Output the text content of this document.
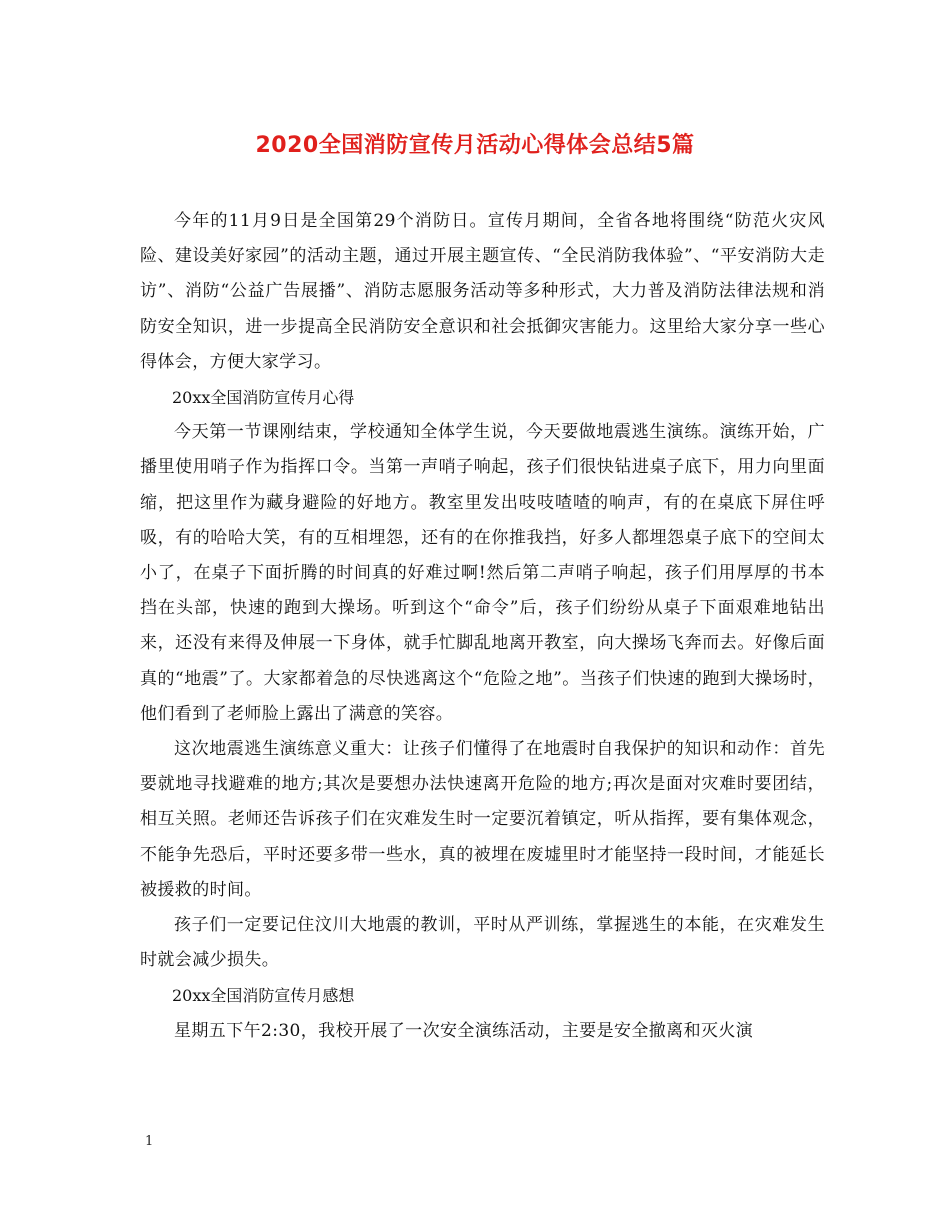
2020全国消防宣传月活动心得体会总结5篇

今年的11月9日是全国第29个消防日。宣传月期间，全省各地将围绕“防范火灾风险、建设美好家园”的活动主题，通过开展主题宣传、“全民消防我体验”、“平安消防大走访”、消防“公益广告展播”、消防志愿服务活动等多种形式，大力普及消防法律法规和消防安全知识，进一步提高全民消防安全意识和社会抵御灾害能力。这里给大家分享一些心得体会，方便大家学习。

20xx全国消防宣传月心得

今天第一节课刚结束，学校通知全体学生说，今天要做地震逃生演练。演练开始，广播里使用哨子作为指挥口令。当第一声哨子响起，孩子们很快钻进桌子底下，用力向里面缩，把这里作为藏身避险的好地方。教室里发出吱吱喳喳的响声，有的在桌底下屏住呼吸，有的哈哈大笑，有的互相埋怨，还有的在你推我挡，好多人都埋怨桌子底下的空间太小了，在桌子下面折腾的时间真的好难过啊!然后第二声哨子响起，孩子们用厚厚的书本挡在头部，快速的跑到大操场。听到这个“命令”后，孩子们纷纷从桌子下面艰难地钻出来，还没有来得及伸展一下身体，就手忙脚乱地离开教室，向大操场飞奔而去。好像后面真的“地震”了。大家都着急的尽快逃离这个“危险之地”。当孩子们快速的跑到大操场时，他们看到了老师脸上露出了满意的笑容。

这次地震逃生演练意义重大：让孩子们懂得了在地震时自我保护的知识和动作：首先要就地寻找避难的地方;其次是要想办法快速离开危险的地方;再次是面对灾难时要团结，相互关照。老师还告诉孩子们在灾难发生时一定要沉着镇定，听从指挥，要有集体观念，不能争先恐后，平时还要多带一些水，真的被埋在废墟里时才能坚持一段时间，才能延长被援救的时间。

孩子们一定要记住汶川大地震的教训，平时从严训练，掌握逃生的本能，在灾难发生时就会减少损失。

20xx全国消防宣传月感想

星期五下午2:30，我校开展了一次安全演练活动，主要是安全撤离和灭火演

1
